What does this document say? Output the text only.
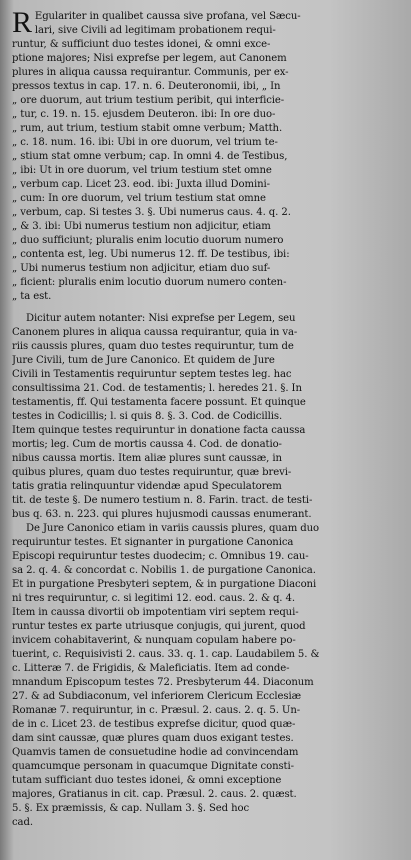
R Egulariter in qualibet caussa sive profana, vel Sæcu-
lari, sive Civili ad legitimam probationem requi-
runtur, & sufficiunt duo testes idonei, & omni exce-
ptione majores; Nisi exprefse per legem, aut Canonem
plures in aliqua caussa requirantur. Communis, per ex-
pressos textus in cap. 17. n. 6. Deuteronomii, ibi, „ In
„ ore duorum, aut trium testium peribit, qui interficie-
„ tur, c. 19. n. 15. ejusdem Deuteron. ibi: In ore duo-
„ rum, aut trium, testium stabit omne verbum; Matth.
„ c. 18. num. 16. ibi: Ubi in ore duorum, vel trium te-
„ stium stat omne verbum; cap. In omni 4. de Testibus,
„ ibi: Ut in ore duorum, vel trium testium stet omne
„ verbum cap. Licet 23. eod. ibi: Juxta illud Domini-
„ cum: In ore duorum, vel trium testium stat omne
„ verbum, cap. Si testes 3. §. Ubi numerus caus. 4. q. 2.
„ & 3. ibi: Ubi numerus testium non adjicitur, etiam
„ duo sufficiunt; pluralis enim locutio duorum numero
„ contenta est, leg. Ubi numerus 12. ff. De testibus, ibi:
„ Ubi numerus testium non adjicitur, etiam duo suf-
„ ficient: pluralis enim locutio duorum numero conten-
„ ta est.
Dicitur autem notanter: Nisi exprefse per Legem, seu
Canonem plures in aliqua caussa requirantur, quia in va-
riis caussis plures, quam duo testes requiruntur, tum de
Jure Civili, tum de Jure Canonico. Et quidem de Jure
Civili in Testamentis requiruntur septem testes leg. hac
consultissima 21. Cod. de testamentis; l. heredes 21. §. In
testamentis, ff. Qui testamenta facere possunt. Et quinque
testes in Codicillis; l. si quis 8. §. 3. Cod. de Codicillis.
Item quinque testes requiruntur in donatione facta caussa
mortis; leg. Cum de mortis caussa 4. Cod. de donatio-
nibus caussa mortis. Item aliæ plures sunt caussæ, in
quibus plures, quam duo testes requiruntur, quæ brevi-
tatis gratia relinquuntur videndæ apud Speculatorem
tit. de teste §. De numero testium n. 8. Farin. tract. de testi-
bus q. 63. n. 223. qui plures hujusmodi caussas enumerant.
De Jure Canonico etiam in variis caussis plures, quam duo
requiruntur testes. Et signanter in purgatione Canonica
Episcopi requiruntur testes duodecim; c. Omnibus 19. cau-
sa 2. q. 4. & concordat c. Nobilis 1. de purgatione Canonica.
Et in purgatione Presbyteri septem, & in purgatione Diaconi
ni tres requiruntur, c. si legitimi 12. eod. caus. 2. & q. 4.
Item in caussa divortii ob impotentiam viri septem requi-
runtur testes ex parte utriusque conjugis, qui jurent, quod
invicem cohabitaverint, & nunquam copulam habere po-
tuerint, c. Requisivisti 2. caus. 33. q. 1. cap. Laudabilem 5. &
c. Litteræ 7. de Frigidis, & Maleficiatis. Item ad conde-
mnandum Episcopum testes 72. Presbyterum 44. Diaconum
27. & ad Subdiaconum, vel inferiorem Clericum Ecclesiæ
Romanæ 7. requiruntur, in c. Præsul. 2. caus. 2. q. 5. Un-
de in c. Licet 23. de testibus exprefse dicitur, quod quæ-
dam sint caussæ, quæ plures quam duos exigant testes.
Quamvis tamen de consuetudine hodie ad convincendam
quamcumque personam in quacumque Dignitate consti-
tutam sufficiant duo testes idonei, & omni exceptione
majores, Gratianus in cit. cap. Præsul. 2. caus. 2. quæst.
5. §. Ex præmissis, & cap. Nullam 3. §. Sed hoc
cad.
